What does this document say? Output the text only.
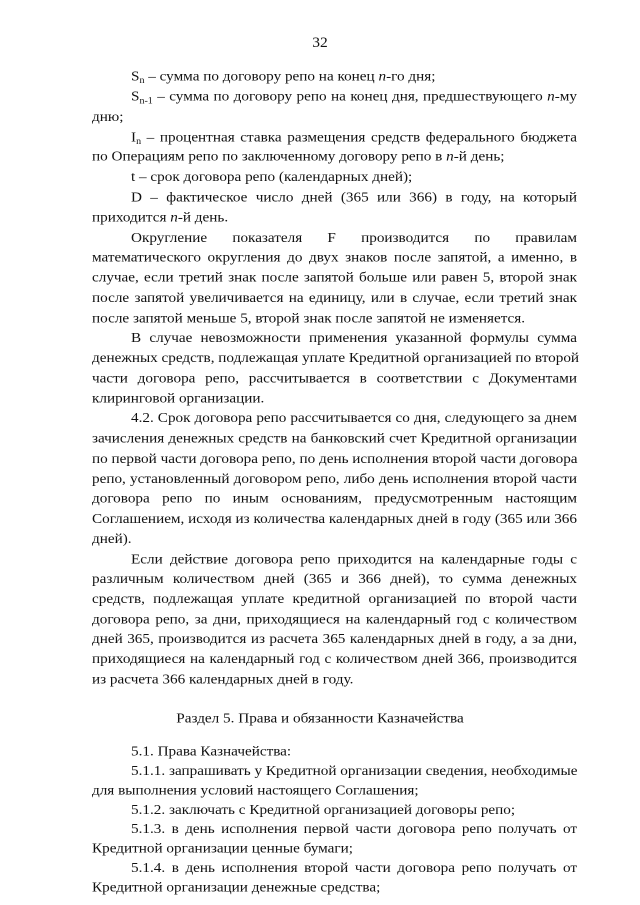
32
$S_n$ – сумма по договору репо на конец n-го дня;
$S_{n-1}$ – сумма по договору репо на конец дня, предшествующего n-му
дню;
$I_n$ – процентная ставка размещения средств федерального бюджета
по Операциям репо по заключенному договору репо в n-й день;
t – срок договора репо (календарных дней);
D – фактическое число дней (365 или 366) в году, на который
приходится n-й день.
Округление показателя F производится по правилам
математического округления до двух знаков после запятой, а именно, в
случае, если третий знак после запятой больше или равен 5, второй знак
после запятой увеличивается на единицу, или в случае, если третий знак
после запятой меньше 5, второй знак после запятой не изменяется.
В случае невозможности применения указанной формулы сумма
денежных средств, подлежащая уплате Кредитной организацией по второй
части договора репо, рассчитывается в соответствии с Документами
клиринговой организации.
4.2. Срок договора репо рассчитывается со дня, следующего за днем
зачисления денежных средств на банковский счет Кредитной организации
по первой части договора репо, по день исполнения второй части договора
репо, установленный договором репо, либо день исполнения второй части
договора репо по иным основаниям, предусмотренным настоящим
Соглашением, исходя из количества календарных дней в году (365 или 366
дней).
Если действие договора репо приходится на календарные годы с
различным количеством дней (365 и 366 дней), то сумма денежных
средств, подлежащая уплате кредитной организацией по второй части
договора репо, за дни, приходящиеся на календарный год с количеством
дней 365, производится из расчета 365 календарных дней в году, а за дни,
приходящиеся на календарный год с количеством дней 366, производится
из расчета 366 календарных дней в году.
Раздел 5. Права и обязанности Казначейства
5.1. Права Казначейства:
5.1.1. запрашивать у Кредитной организации сведения, необходимые
для выполнения условий настоящего Соглашения;
5.1.2. заключать с Кредитной организацией договоры репо;
5.1.3. в день исполнения первой части договора репо получать от
Кредитной организации ценные бумаги;
5.1.4. в день исполнения второй части договора репо получать от
Кредитной организации денежные средства;
